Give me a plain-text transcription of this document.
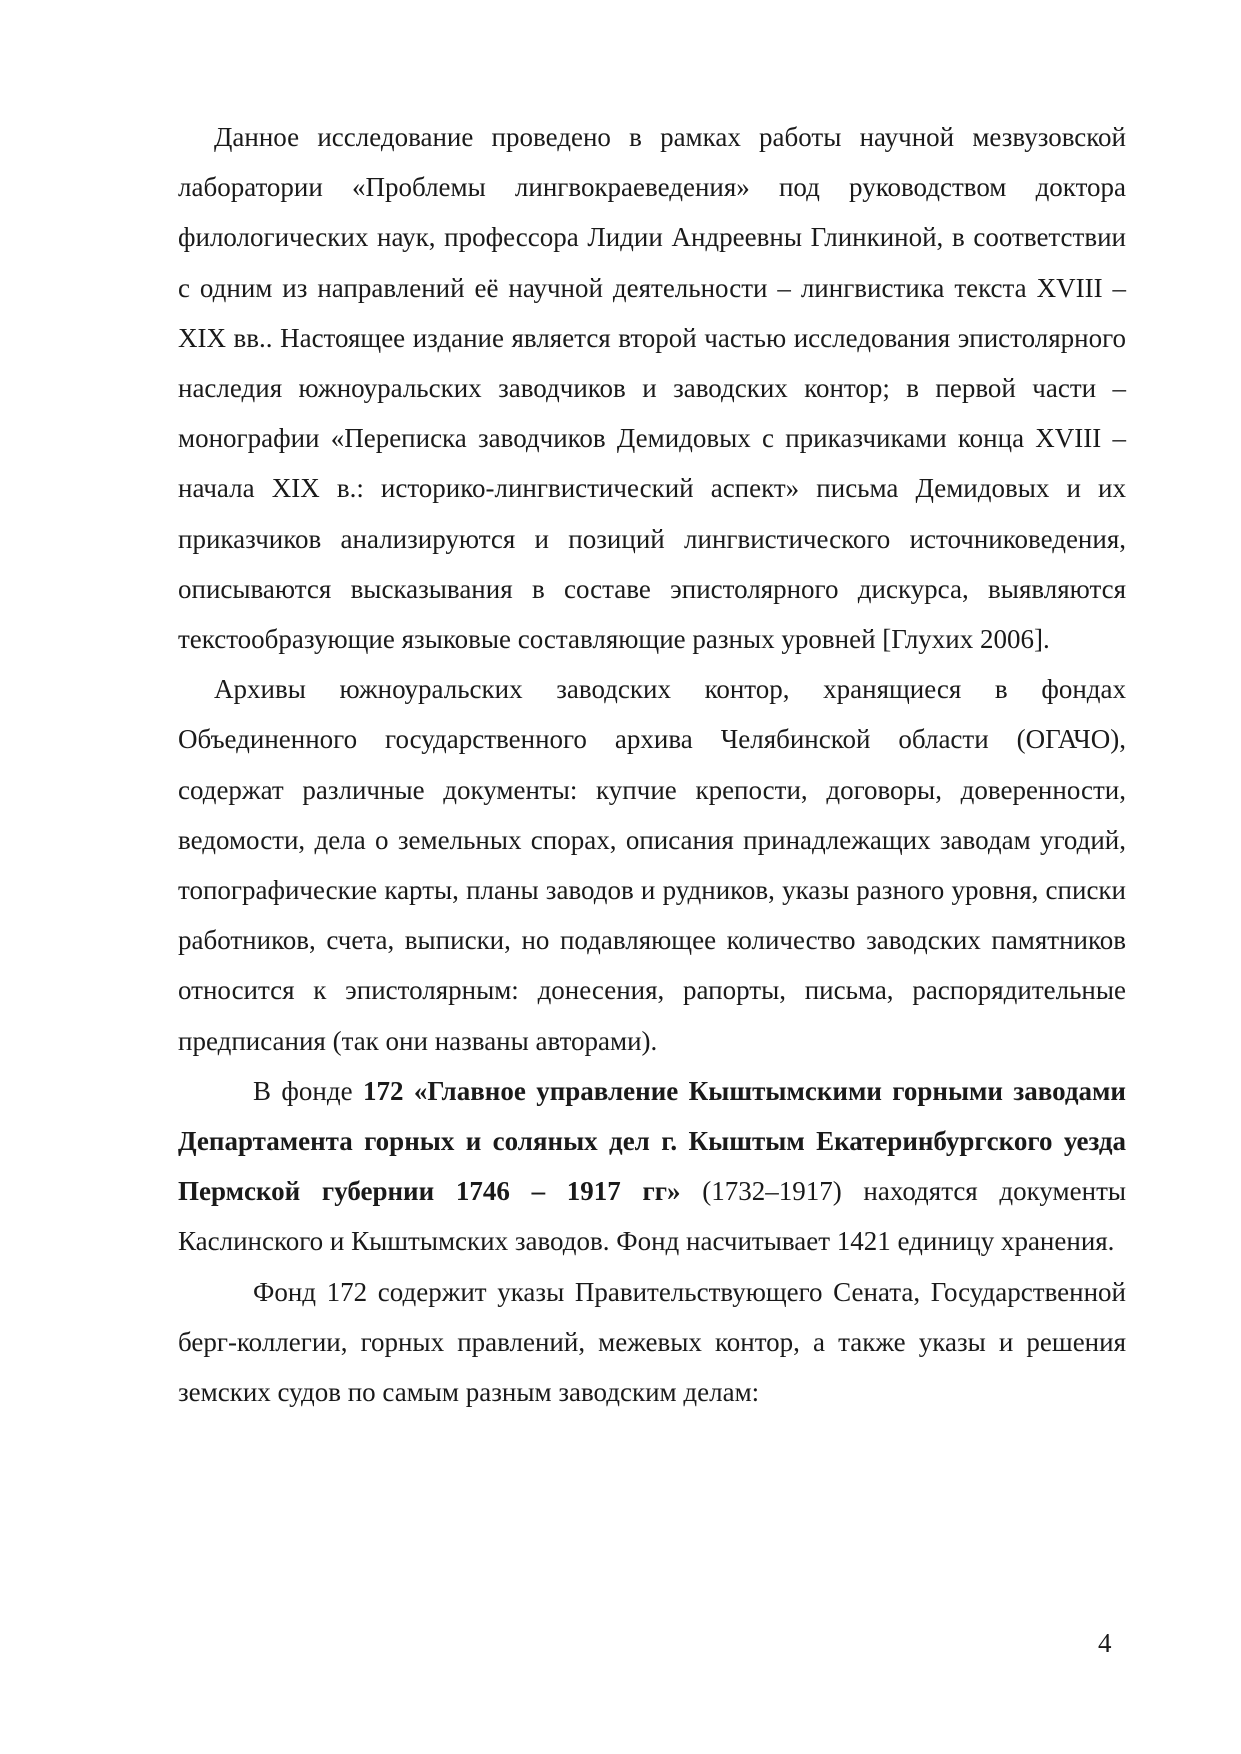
Данное исследование проведено в рамках работы научной мезвузовской лаборатории «Проблемы лингвокраеведения» под руководством доктора филологических наук, профессора Лидии Андреевны Глинкиной, в соответствии с одним из направлений её научной деятельности – лингвистика текста XVIII – XIX вв.. Настоящее издание является второй частью исследования эпистолярного наследия южноуральских заводчиков и заводских контор; в первой части – монографии «Переписка заводчиков Демидовых с приказчиками конца XVIII – начала XIX в.: историко-лингвистический аспект» письма Демидовых и их приказчиков анализируются и позиций лингвистического источниковедения, описываются высказывания в составе эпистолярного дискурса, выявляются текстообразующие языковые составляющие разных уровней [Глухих 2006].

Архивы южноуральских заводских контор, хранящиеся в фондах Объединенного государственного архива Челябинской области (ОГАЧО), содержат различные документы: купчие крепости, договоры, доверенности, ведомости, дела о земельных спорах, описания принадлежащих заводам угодий, топографические карты, планы заводов и рудников, указы разного уровня, списки работников, счета, выписки, но подавляющее количество заводских памятников относится к эпистолярным: донесения, рапорты, письма, распорядительные предписания (так они названы авторами).

В фонде 172 «Главное управление Кыштымскими горными заводами Департамента горных и соляных дел г. Кыштым Екатеринбургского уезда Пермской губернии 1746 – 1917 гг» (1732–1917) находятся документы Каслинского и Кыштымских заводов. Фонд насчитывает 1421 единицу хранения.

Фонд 172 содержит указы Правительствующего Сената, Государственной берг-коллегии, горных правлений, межевых контор, а также указы и решения земских судов по самым разным заводским делам:

4
